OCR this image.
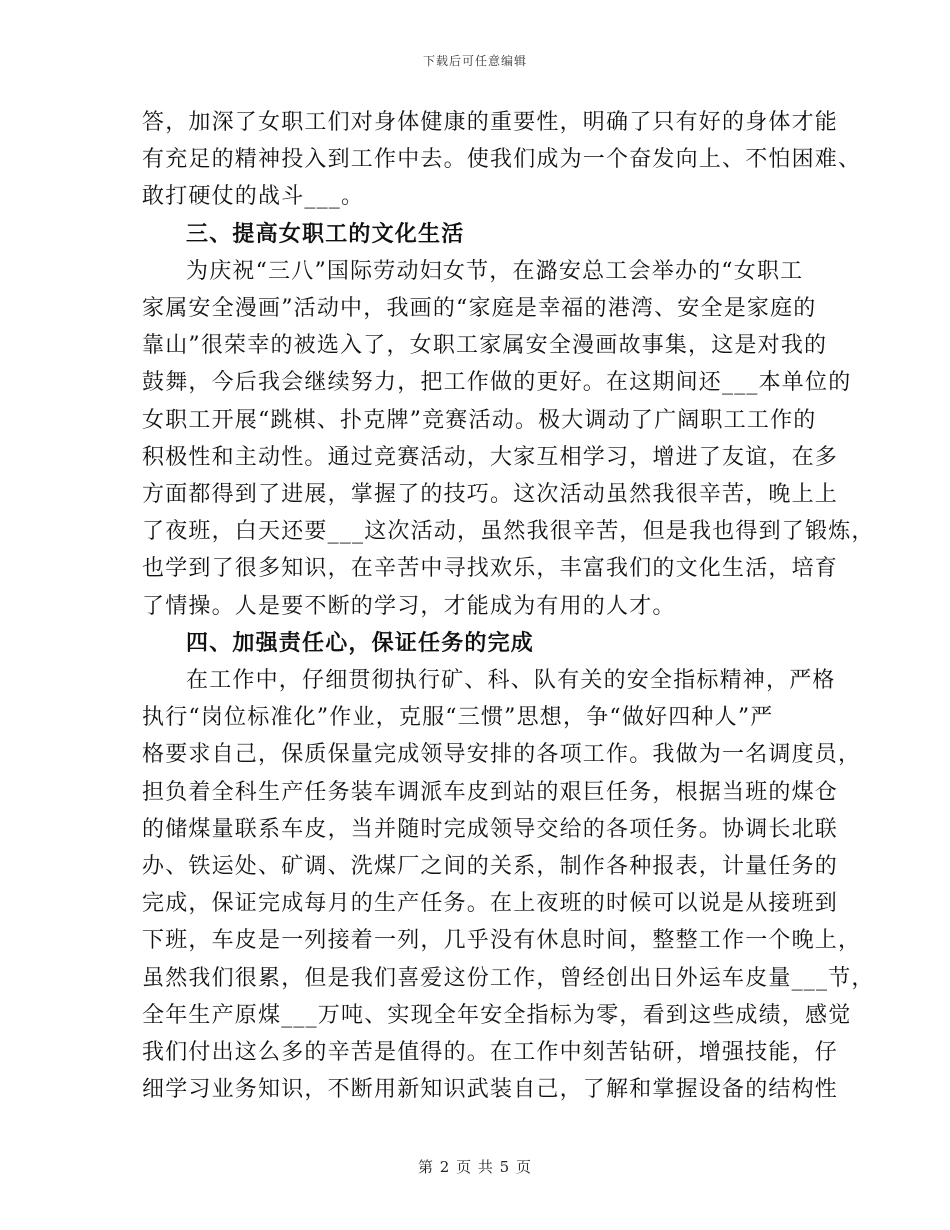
下载后可任意编辑
答，加深了女职工们对身体健康的重要性，明确了只有好的身体才能
有充足的精神投入到工作中去。使我们成为一个奋发向上、不怕困难、
敢打硬仗的战斗___。
三、提高女职工的文化生活
为庆祝“三八”国际劳动妇女节，在潞安总工会举办的“女职工
家属安全漫画”活动中，我画的“家庭是幸福的港湾、安全是家庭的
靠山”很荣幸的被选入了，女职工家属安全漫画故事集，这是对我的
鼓舞，今后我会继续努力，把工作做的更好。在这期间还___本单位的
女职工开展“跳棋、扑克牌”竞赛活动。极大调动了广阔职工工作的
积极性和主动性。通过竞赛活动，大家互相学习，增进了友谊，在多
方面都得到了进展，掌握了的技巧。这次活动虽然我很辛苦，晚上上
了夜班，白天还要___这次活动，虽然我很辛苦，但是我也得到了锻炼，
也学到了很多知识，在辛苦中寻找欢乐，丰富我们的文化生活，培育
了情操。人是要不断的学习，才能成为有用的人才。
四、加强责任心，保证任务的完成
在工作中，仔细贯彻执行矿、科、队有关的安全指标精神，严格
执行“岗位标准化”作业，克服“三惯”思想，争“做好四种人”严
格要求自己，保质保量完成领导安排的各项工作。我做为一名调度员，
担负着全科生产任务装车调派车皮到站的艰巨任务，根据当班的煤仓
的储煤量联系车皮，当并随时完成领导交给的各项任务。协调长北联
办、铁运处、矿调、洗煤厂之间的关系，制作各种报表，计量任务的
完成，保证完成每月的生产任务。在上夜班的时候可以说是从接班到
下班，车皮是一列接着一列，几乎没有休息时间，整整工作一个晚上，
虽然我们很累，但是我们喜爱这份工作，曾经创出日外运车皮量___节，
全年生产原煤___万吨、实现全年安全指标为零，看到这些成绩，感觉
我们付出这么多的辛苦是值得的。在工作中刻苦钻研，增强技能，仔
细学习业务知识，不断用新知识武装自己，了解和掌握设备的结构性
第 2 页 共 5 页
